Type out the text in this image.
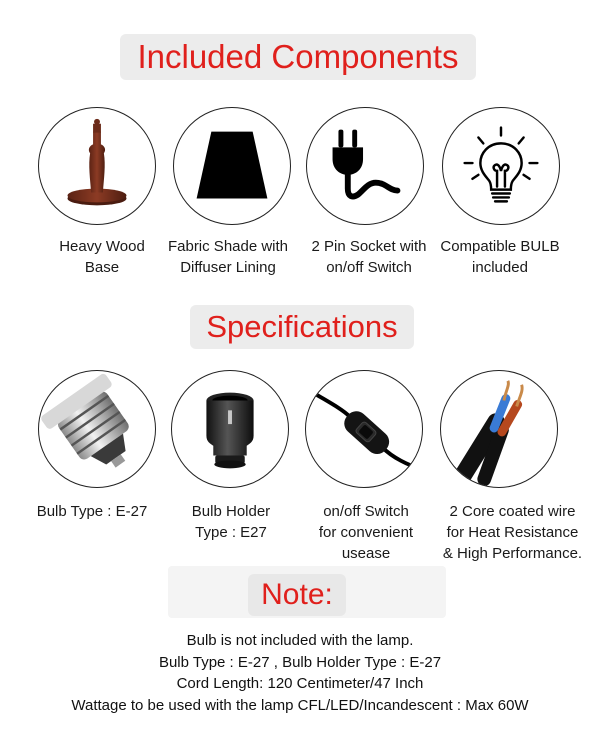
Included Components
Heavy Wood
Base
Fabric Shade with
Diffuser Lining
2 Pin Socket with
on/off Switch
Compatible BULB
included
Specifications
Bulb Type : E-27	Bulb Holder
Type : E27
on/off Switch
for convenient
usease
2 Core coated wire
for Heat Resistance
& High Performance.
Note:
Bulb is not included with the lamp.
Bulb Type : E-27 , Bulb Holder Type : E-27
Cord Length: 120 Centimeter/47 Inch
Wattage to be used with the lamp CFL/LED/Incandescent : Max 60W
